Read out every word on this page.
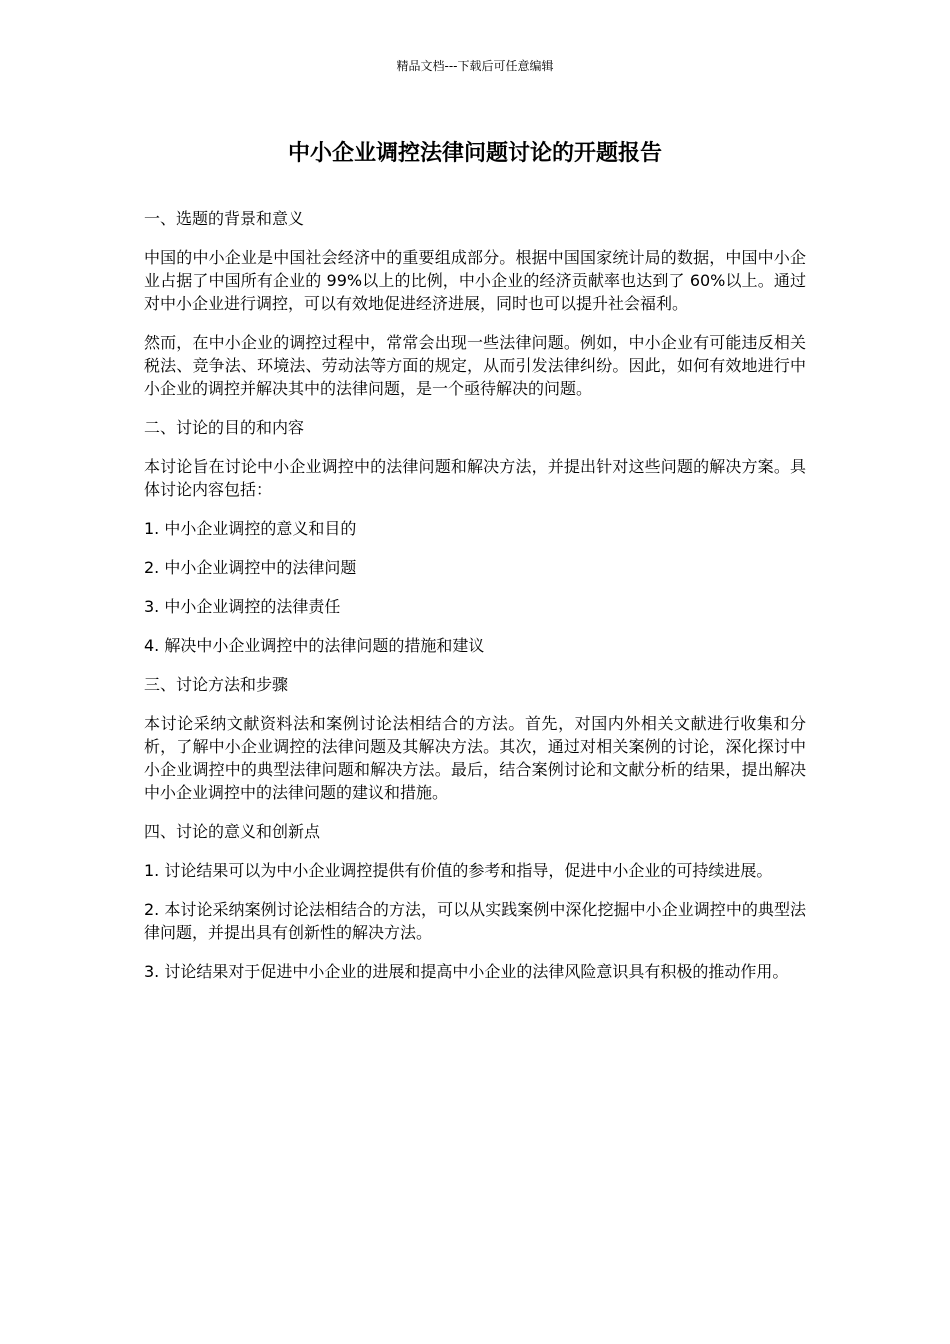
精品文档---下载后可任意编辑
中小企业调控法律问题讨论的开题报告

一、选题的背景和意义

中国的中小企业是中国社会经济中的重要组成部分。根据中国国家统计局的数据，中国中小企业占据了中国所有企业的 99%以上的比例，中小企业的经济贡献率也达到了 60%以上。通过对中小企业进行调控，可以有效地促进经济进展，同时也可以提升社会福利。

然而，在中小企业的调控过程中，常常会出现一些法律问题。例如，中小企业有可能违反相关税法、竞争法、环境法、劳动法等方面的规定，从而引发法律纠纷。因此，如何有效地进行中小企业的调控并解决其中的法律问题，是一个亟待解决的问题。

二、讨论的目的和内容

本讨论旨在讨论中小企业调控中的法律问题和解决方法，并提出针对这些问题的解决方案。具体讨论内容包括：

1. 中小企业调控的意义和目的

2. 中小企业调控中的法律问题

3. 中小企业调控的法律责任

4. 解决中小企业调控中的法律问题的措施和建议

三、讨论方法和步骤

本讨论采纳文献资料法和案例讨论法相结合的方法。首先，对国内外相关文献进行收集和分析，了解中小企业调控的法律问题及其解决方法。其次，通过对相关案例的讨论，深化探讨中小企业调控中的典型法律问题和解决方法。最后，结合案例讨论和文献分析的结果，提出解决中小企业调控中的法律问题的建议和措施。

四、讨论的意义和创新点

1. 讨论结果可以为中小企业调控提供有价值的参考和指导，促进中小企业的可持续进展。

2. 本讨论采纳案例讨论法相结合的方法，可以从实践案例中深化挖掘中小企业调控中的典型法律问题，并提出具有创新性的解决方法。

3. 讨论结果对于促进中小企业的进展和提高中小企业的法律风险意识具有积极的推动作用。
